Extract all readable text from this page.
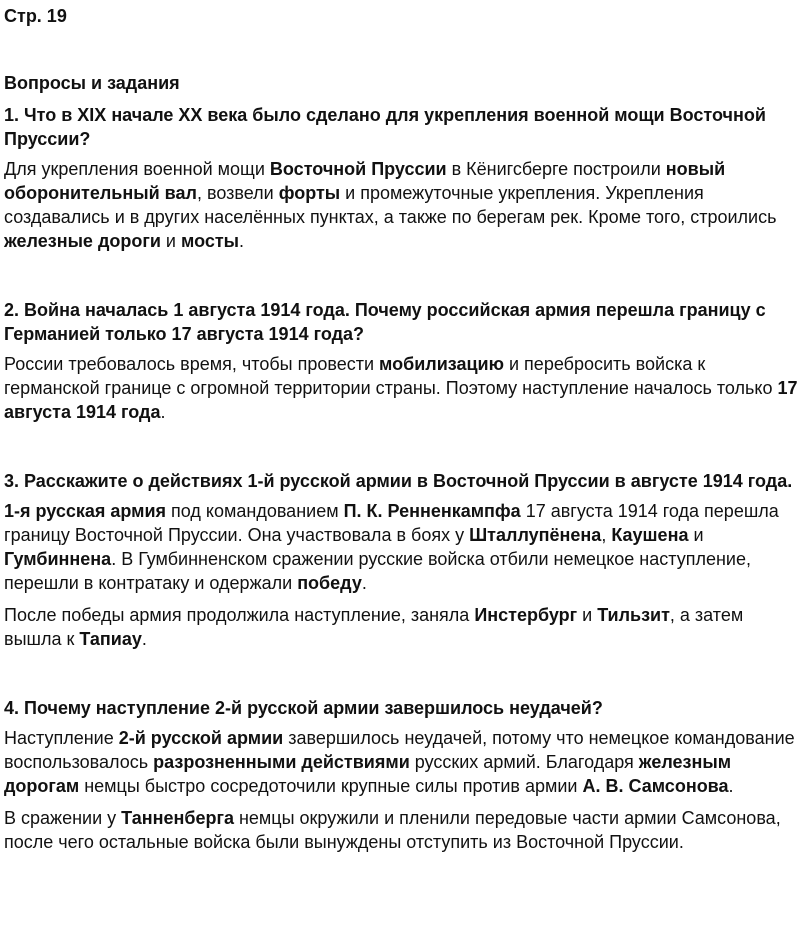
Стр. 19
Вопросы и задания
1. Что в XIX начале XX века было сделано для укрепления военной мощи Восточной Пруссии?

Для укрепления военной мощи Восточной Пруссии в Кёнигсберге построили новый оборонительный вал, возвели форты и промежуточные укрепления. Укрепления создавались и в других населённых пунктах, а также по берегам рек. Кроме того, строились железные дороги и мосты.

2. Война началась 1 августа 1914 года. Почему российская армия перешла границу с Германией только 17 августа 1914 года?

России требовалось время, чтобы провести мобилизацию и перебросить войска к германской границе с огромной территории страны. Поэтому наступление началось только 17 августа 1914 года.

3. Расскажите о действиях 1-й русской армии в Восточной Пруссии в августе 1914 года.

1-я русская армия под командованием П. К. Ренненкампфа 17 августа 1914 года перешла границу Восточной Пруссии. Она участвовала в боях у Шталлупёнена, Каушена и Гумбиннена. В Гумбинненском сражении русские войска отбили немецкое наступление, перешли в контратаку и одержали победу.

После победы армия продолжила наступление, заняла Инстербург и Тильзит, а затем вышла к Тапиау.

4. Почему наступление 2-й русской армии завершилось неудачей?

Наступление 2-й русской армии завершилось неудачей, потому что немецкое командование воспользовалось разрозненными действиями русских армий. Благодаря железным дорогам немцы быстро сосредоточили крупные силы против армии А. В. Самсонова.

В сражении у Танненберга немцы окружили и пленили передовые части армии Самсонова, после чего остальные войска были вынуждены отступить из Восточной Пруссии.
